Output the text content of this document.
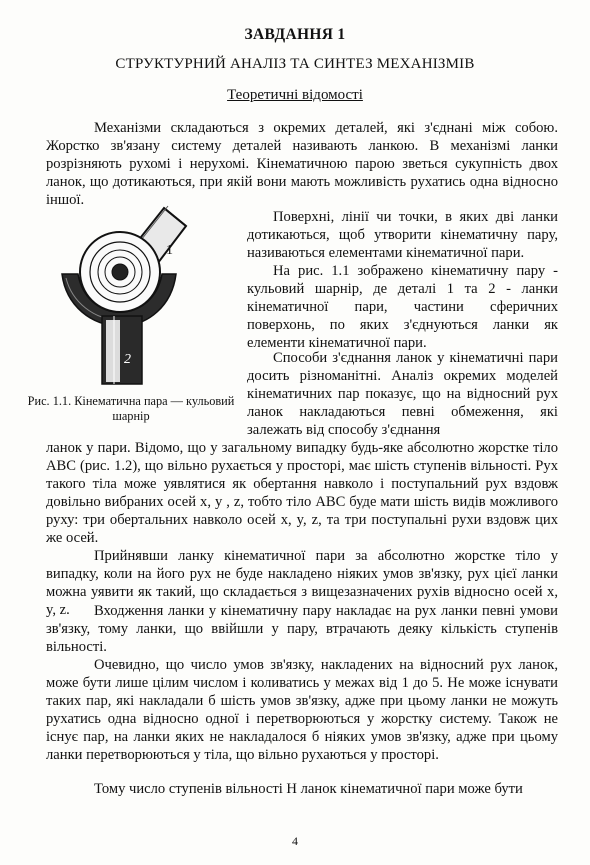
ЗАВДАННЯ 1
СТРУКТУРНИЙ АНАЛІЗ ТА СИНТЕЗ МЕХАНІЗМІВ
Теоретичні відомості
Механізми складаються з окремих деталей, які з'єднані між собою. Жорстко зв'язану систему деталей називають ланкою. В механізмі ланки розрізняють рухомі і нерухомі. Кінематичною парою зветься сукупність двох ланок, що дотикаються, при якій вони мають можливість рухатись одна відносно іншої.
1
2
Рис. 1.1. Кінематична пара — кульовий шарнір
Поверхні, лінії чи точки, в яких дві ланки дотикаються, щоб утворити кінематичну пару, називаються елементами кінематичної пари.
На рис. 1.1 зображено кінематичну пару - кульовий шарнір, де деталі 1 та 2 - ланки кінематичної пари, частини сферичних поверхонь, по яких з'єднуються ланки як елементи кінематичної пари.
Способи з'єднання ланок у кінематичні пари досить різноманітні. Аналіз окремих моделей кінематичних пар показує, що на відносний рух ланок накладаються певні обмеження, які залежать від способу з'єднання
ланок у пари. Відомо, що у загальному випадку будь-яке абсолютно жорстке тіло АВС (рис. 1.2), що вільно рухається у просторі, має шість ступенів вільності. Рух такого тіла може уявлятися як обертання навколо і поступальний рух вздовж довільно вибраних осей x, y , z, тобто тіло АВС буде мати шість видів можливого руху: три обертальних навколо осей x, y, z, та три поступальні рухи вздовж цих же осей.
Прийнявши ланку кінематичної пари за абсолютно жорстке тіло у випадку, коли на його рух не буде накладено ніяких умов зв'язку, рух цієї ланки можна уявити як такий, що складається з вищезазначених рухів відносно осей x, y, z.	Входження ланки у кінематичну пару накладає на рух ланки певні умови зв'язку, тому ланки, що ввійшли у пару, втрачають деяку кількість ступенів вільності.
Очевидно, що число умов зв'язку, накладених на відносний рух ланок, може бути лише цілим числом і коливатись у межах від 1 до 5. Не може існувати таких пар, які накладали б шість умов зв'язку, адже при цьому ланки не можуть рухатись одна відносно одної і перетворюються у жорстку систему. Також не існує пар, на ланки яких не накладалося б ніяких умов зв'язку, адже при цьому ланки перетворюються у тіла, що вільно рухаються у просторі.
Тому число ступенів вільності H ланок кінематичної пари може бути
4
